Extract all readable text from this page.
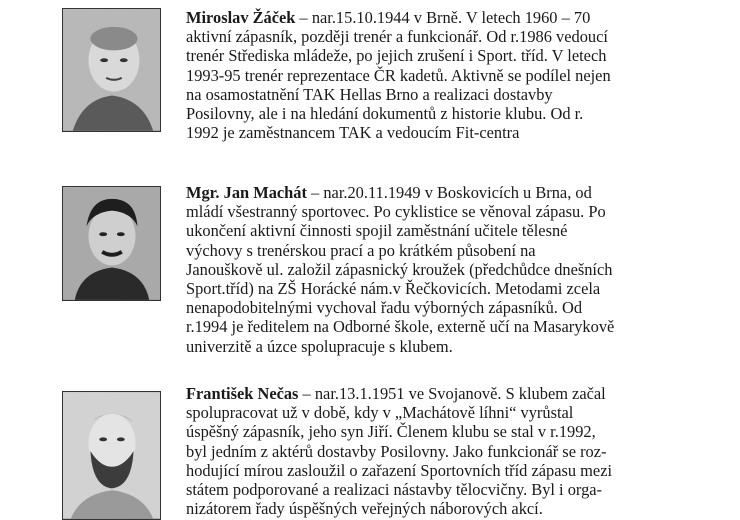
Miroslav Žáček – nar.15.10.1944 v Brně. V letech 1960 – 70
aktivní zápasník, později trenér a funkcionář. Od r.1986 vedoucí
trenér Střediska mládeže, po jejich zrušení i Sport. tříd. V letech
1993-95 trenér reprezentace ČR kadetů. Aktivně se podílel nejen
na osamostatnění TAK Hellas Brno a realizaci dostavby
Posilovny, ale i na hledání dokumentů z historie klubu. Od r.
1992 je zaměstnancem TAK a vedoucím Fit-centra

Mgr. Jan Machát – nar.20.11.1949 v Boskovicích u Brna, od
mládí všestranný sportovec. Po cyklistice se věnoval zápasu. Po
ukončení aktivní činnosti spojil zaměstnání učitele tělesné
výchovy s trenérskou prací a po krátkém působení na
Janouškově ul. založil zápasnický kroužek (předchůdce dnešních
Sport.tříd) na ZŠ Horácké nám.v Řečkovicích. Metodami zcela
nenapodobitelnými vychoval řadu výborných zápasníků. Od
r.1994 je ředitelem na Odborné škole, externě učí na Masarykově
univerzitě a úzce spolupracuje s klubem.

František Nečas – nar.13.1.1951 ve Svojanově. S klubem začal
spolupracovat už v době, kdy v „Machátově líhni“ vyrůstal
úspěšný zápasník, jeho syn Jiří. Členem klubu se stal v r.1992,
byl jedním z aktérů dostavby Posilovny. Jako funkcionář se roz-
hodující mírou zasloužil o zařazení Sportovních tříd zápasu mezi
státem podporované a realizaci nástavby tělocvičny. Byl i orga-
nizátorem řady úspěšných veřejných náborových akcí.
